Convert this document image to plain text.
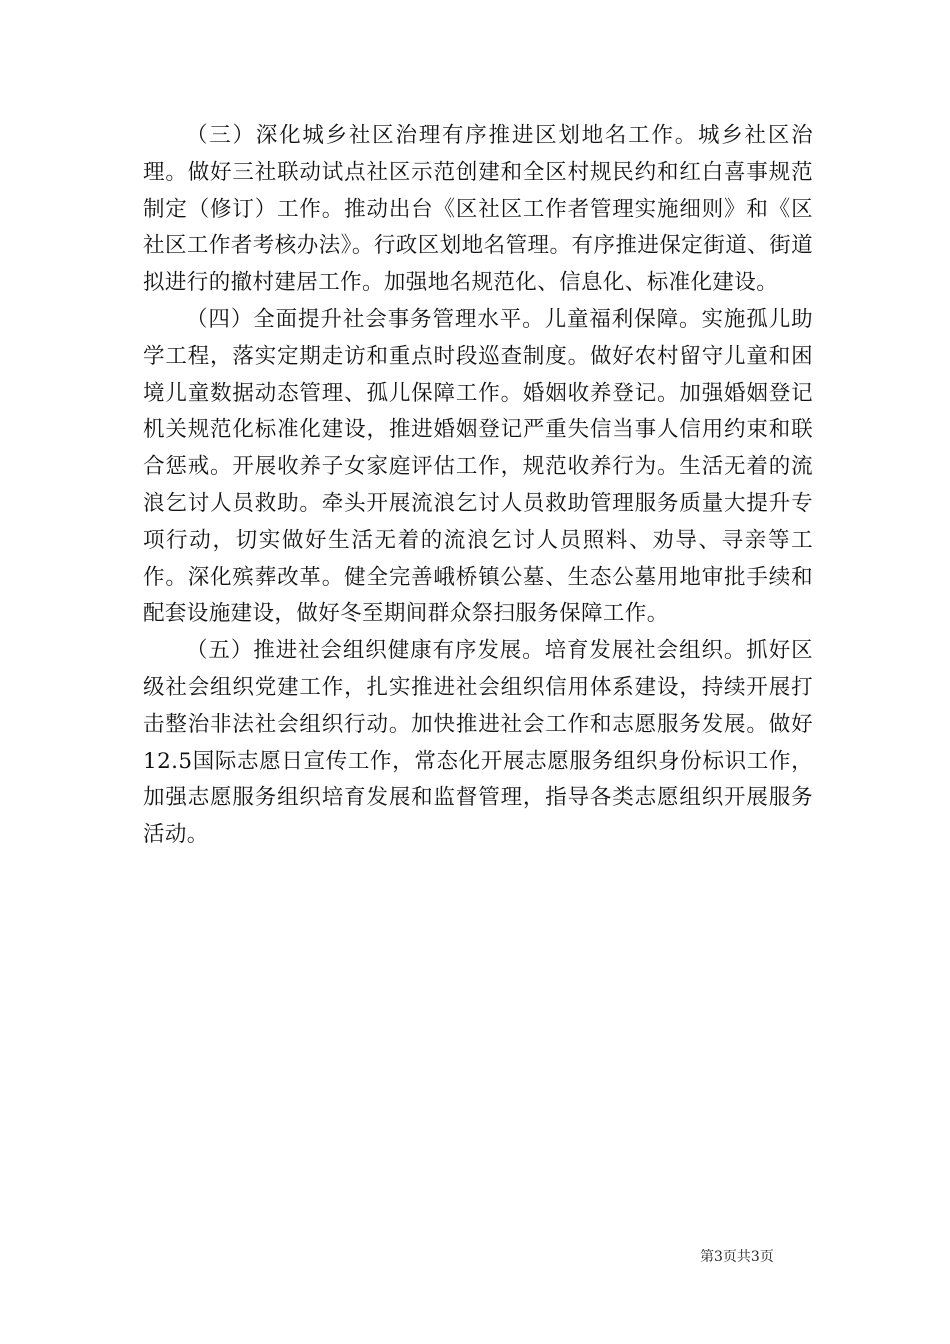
（三）深化城乡社区治理有序推进区划地名工作。城乡社区治理。做好三社联动试点社区示范创建和全区村规民约和红白喜事规范制定（修订）工作。推动出台《区社区工作者管理实施细则》和《区社区工作者考核办法》。行政区划地名管理。有序推进保定街道、街道拟进行的撤村建居工作。加强地名规范化、信息化、标准化建设。

（四）全面提升社会事务管理水平。儿童福利保障。实施孤儿助学工程，落实定期走访和重点时段巡查制度。做好农村留守儿童和困境儿童数据动态管理、孤儿保障工作。婚姻收养登记。加强婚姻登记机关规范化标准化建设，推进婚姻登记严重失信当事人信用约束和联合惩戒。开展收养子女家庭评估工作，规范收养行为。生活无着的流浪乞讨人员救助。牵头开展流浪乞讨人员救助管理服务质量大提升专项行动，切实做好生活无着的流浪乞讨人员照料、劝导、寻亲等工作。深化殡葬改革。健全完善峨桥镇公墓、生态公墓用地审批手续和配套设施建设，做好冬至期间群众祭扫服务保障工作。

（五）推进社会组织健康有序发展。培育发展社会组织。抓好区级社会组织党建工作，扎实推进社会组织信用体系建设，持续开展打击整治非法社会组织行动。加快推进社会工作和志愿服务发展。做好12.5国际志愿日宣传工作，常态化开展志愿服务组织身份标识工作，加强志愿服务组织培育发展和监督管理，指导各类志愿组织开展服务活动。

第3页共3页
